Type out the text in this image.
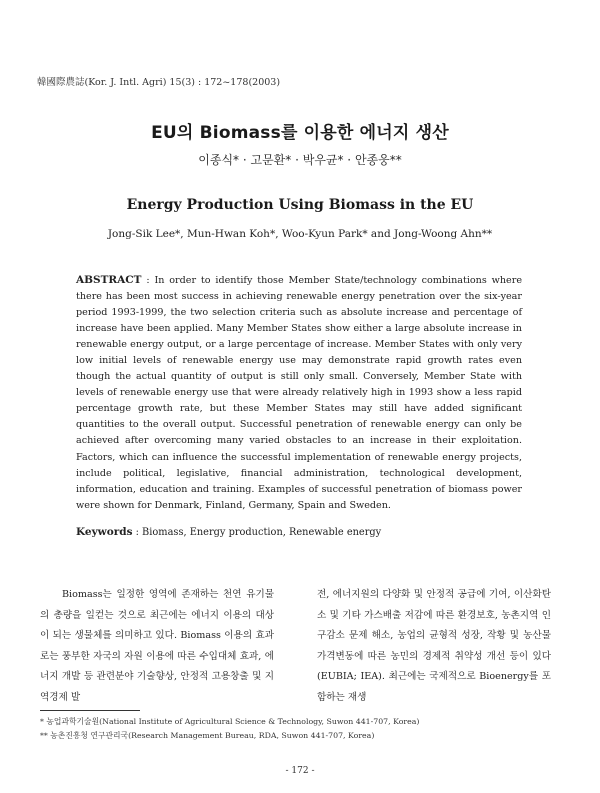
韓國際農誌(Kor. J. Intl. Agri) 15(3) : 172~178(2003)
EU의 Biomass를 이용한 에너지 생산
이종식* · 고문환* · 박우균* · 안종웅**
Energy Production Using Biomass in the EU
Jong-Sik Lee*, Mun-Hwan Koh*, Woo-Kyun Park* and Jong-Woong Ahn**
ABSTRACT : In order to identify those Member State/technology combinations where there has been most success in achieving renewable energy penetration over the six-year period 1993-1999, the two selection criteria such as absolute increase and percentage of increase have been applied. Many Member States show either a large absolute increase in renewable energy output, or a large percentage of increase. Member States with only very low initial levels of renewable energy use may demonstrate rapid growth rates even though the actual quantity of output is still only small. Conversely, Member State with levels of renewable energy use that were already relatively high in 1993 show a less rapid percentage growth rate, but these Member States may still have added significant quantities to the overall output. Successful penetration of renewable energy can only be achieved after overcoming many varied obstacles to an increase in their exploitation. Factors, which can influence the successful implementation of renewable energy projects, include political, legislative, financial administration, technological development, information, education and training. Examples of successful penetration of biomass power were shown for Denmark, Finland, Germany, Spain and Sweden.
Keywords : Biomass, Energy production, Renewable energy
Biomass는 일정한 영역에 존재하는 천연 유기물의 총량을 일컫는 것으로 최근에는 에너지 이용의 대상이 되는 생물체를 의미하고 있다. Biomass 이용의 효과로는 풍부한 자국의 자원 이용에 따른 수입대체 효과, 에너지 개발 등 관련분야 기술향상, 안정적 고용창출 및 지역경제 발
전, 에너지원의 다양화 및 안정적 공급에 기여, 이산화탄소 및 기타 가스배출 저감에 따른 환경보호, 농촌지역 인구감소 문제 해소, 농업의 균형적 성장, 작황 및 농산물 가격변동에 따른 농민의 경제적 취약성 개선 등이 있다(EUBIA; IEA). 최근에는 국제적으로 Bioenergy를 포함하는 재생
* 농업과학기술원(National Institute of Agricultural Science & Technology, Suwon 441-707, Korea)
** 농촌진흥청 연구관리국(Research Management Bureau, RDA, Suwon 441-707, Korea)
- 172 -
